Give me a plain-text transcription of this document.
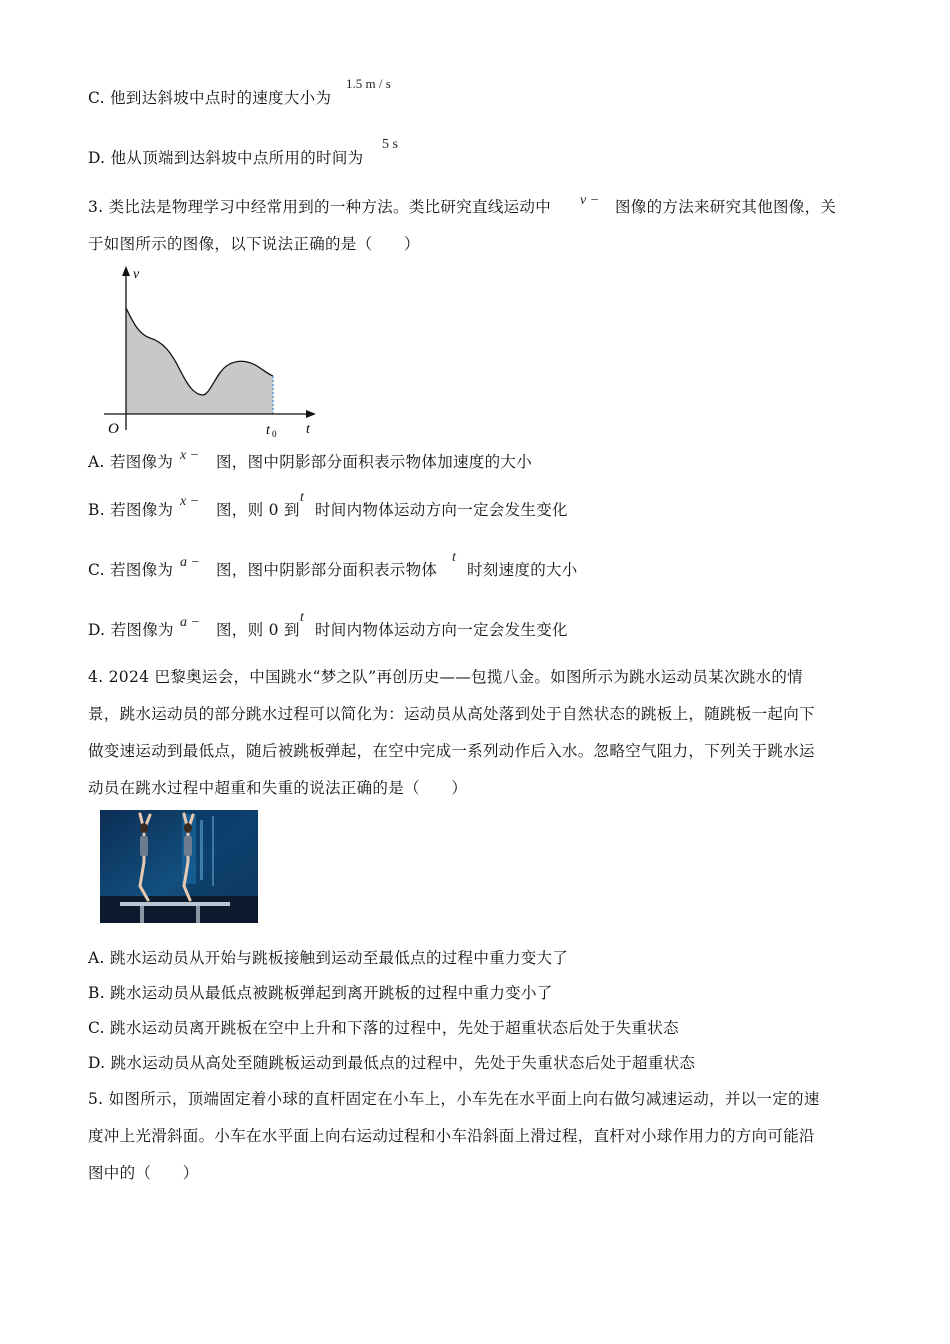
C. 他到达斜坡中点时的速度大小为
1.5 m / s
D. 他从顶端到达斜坡中点所用的时间为
5 s
3. 类比法是物理学习中经常用到的一种方法。类比研究直线运动中 v − 图像的方法来研究其他图像，关
于如图所示的图像，以下说法正确的是（　　）
v
O	t 0 t
A. 若图像为 x − 图，图中阴影部分面积表示物体加速度的大小
B. 若图像为 x − 图，则 0 到
t
时间内物体运动方向一定会发生变化
C. 若图像为 a − 图，图中阴影部分面积表示物体
t
时刻速度的大小
D. 若图像为 a − 图，则 0 到
t
时间内物体运动方向一定会发生变化
4. 2024 巴黎奥运会，中国跳水“梦之队”再创历史——包揽八金。如图所示为跳水运动员某次跳水的情
景，跳水运动员的部分跳水过程可以简化为：运动员从高处落到处于自然状态的跳板上，随跳板一起向下
做变速运动到最低点，随后被跳板弹起，在空中完成一系列动作后入水。忽略空气阻力，下列关于跳水运
动员在跳水过程中超重和失重的说法正确的是（　　）
A. 跳水运动员从开始与跳板接触到运动至最低点的过程中重力变大了
B. 跳水运动员从最低点被跳板弹起到离开跳板的过程中重力变小了
C. 跳水运动员离开跳板在空中上升和下落的过程中，先处于超重状态后处于失重状态
D. 跳水运动员从高处至随跳板运动到最低点的过程中，先处于失重状态后处于超重状态
5. 如图所示，顶端固定着小球的直杆固定在小车上，小车先在水平面上向右做匀减速运动，并以一定的速
度冲上光滑斜面。小车在水平面上向右运动过程和小车沿斜面上滑过程，直杆对小球作用力的方向可能沿
图中的（　　）
